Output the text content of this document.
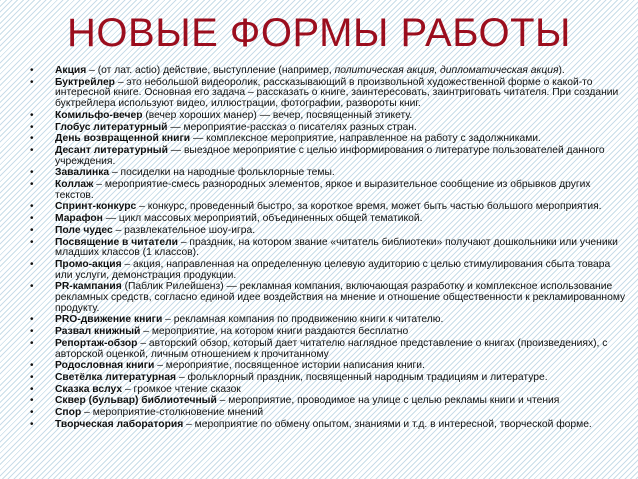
НОВЫЕ ФОРМЫ РАБОТЫ
• Акция – (от лат. actio) действие, выступление (например, политическая акция, дипломатическая акция).
• Буктрейлер – это небольшой видеоролик, рассказывающий в произвольной художественной форме о какой-то интересной книге. Основная его задача – рассказать о книге, заинтересовать, заинтриговать читателя. При создании буктрейлера используют видео, иллюстрации, фотографии, развороты книг.
• Комильфо-вечер (вечер хороших манер) — вечер, посвященный этикету.
• Глобус литературный — мероприятие-рассказ о писателях разных стран.
• День возвращенной книги — комплексное мероприятие, направленное на работу с задолжниками.
• Десант литературный — выездное мероприятие с целью информирования о литературе пользователей данного учреждения.
• Завалинка – посиделки на народные фольклорные темы.
• Коллаж – мероприятие-смесь разнородных элементов, яркое и выразительное сообщение из обрывков других текстов.
• Спринт-конкурс – конкурс, проведенный быстро, за короткое время, может быть частью большого мероприятия.
• Марафон — цикл массовых мероприятий, объединенных общей тематикой.
• Поле чудес – развлекательное шоу-игра.
• Посвящение в читатели – праздник, на котором звание «читатель библиотеки» получают дошкольники или ученики младших классов (1 классов).
• Промо-акция – акция, направленная на определенную целевую аудиторию с целью стимулирования сбыта товара или услуги, демонстрация продукции.
• PR-кампания (Паблик Рилейшенз) — рекламная компания, включающая разработку и комплексное использование рекламных средств, согласно единой идее воздействия на мнение и отношение общественности к рекламированному продукту.
• PRO-движение книги – рекламная компания по продвижению книги к читателю.
• Развал книжный – мероприятие, на котором книги раздаются бесплатно
• Репортаж-обзор – авторский обзор, который дает читателю наглядное представление о книгах (произведениях), с авторской оценкой, личным отношением к прочитанному
• Родословная книги – мероприятие, посвященное истории написания книги.
• Светёлка литературная – фольклорный праздник, посвященный народным традициям и литературе.
• Сказка вслух – громкое чтение сказок
• Сквер (бульвар) библиотечный – мероприятие, проводимое на улице с целью рекламы книги и чтения
• Спор – мероприятие-столкновение мнений
• Творческая лаборатория – мероприятие по обмену опытом, знаниями и т.д. в интересной, творческой форме.
